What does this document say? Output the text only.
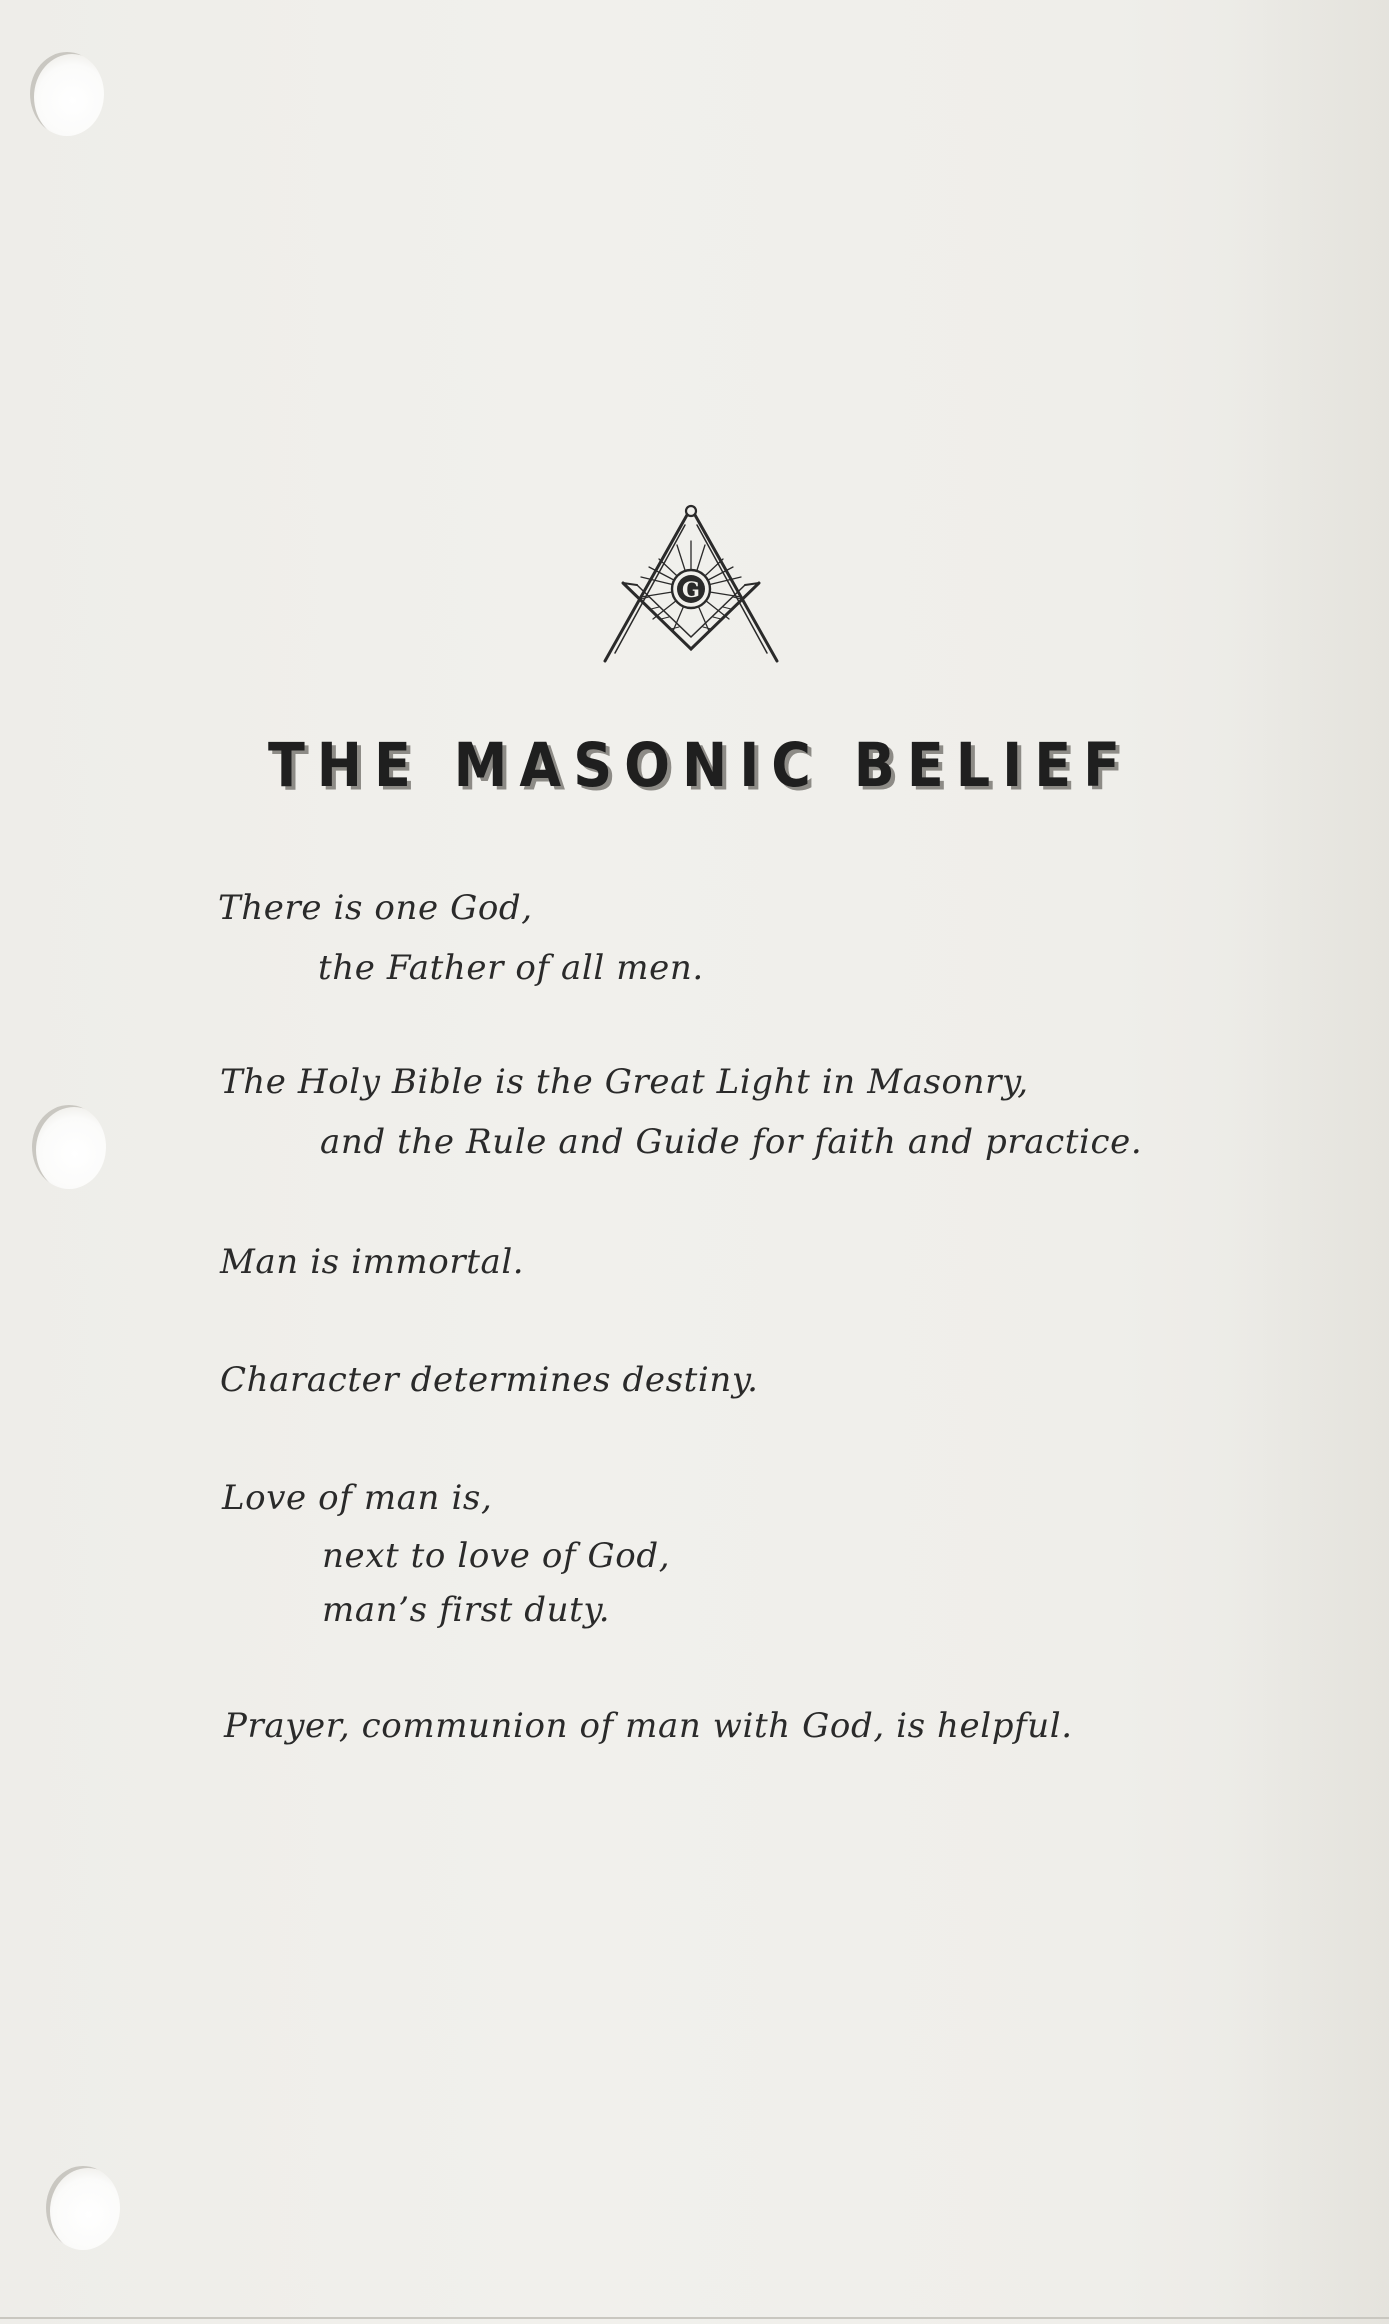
G
THE MASONIC BELIEF
There is one God,
the Father of all men.
The Holy Bible is the Great Light in Masonry,
and the Rule and Guide for faith and practice.
Man is immortal.
Character determines destiny.
Love of man is,
next to love of God,
man’s first duty.
Prayer, communion of man with God, is helpful.
